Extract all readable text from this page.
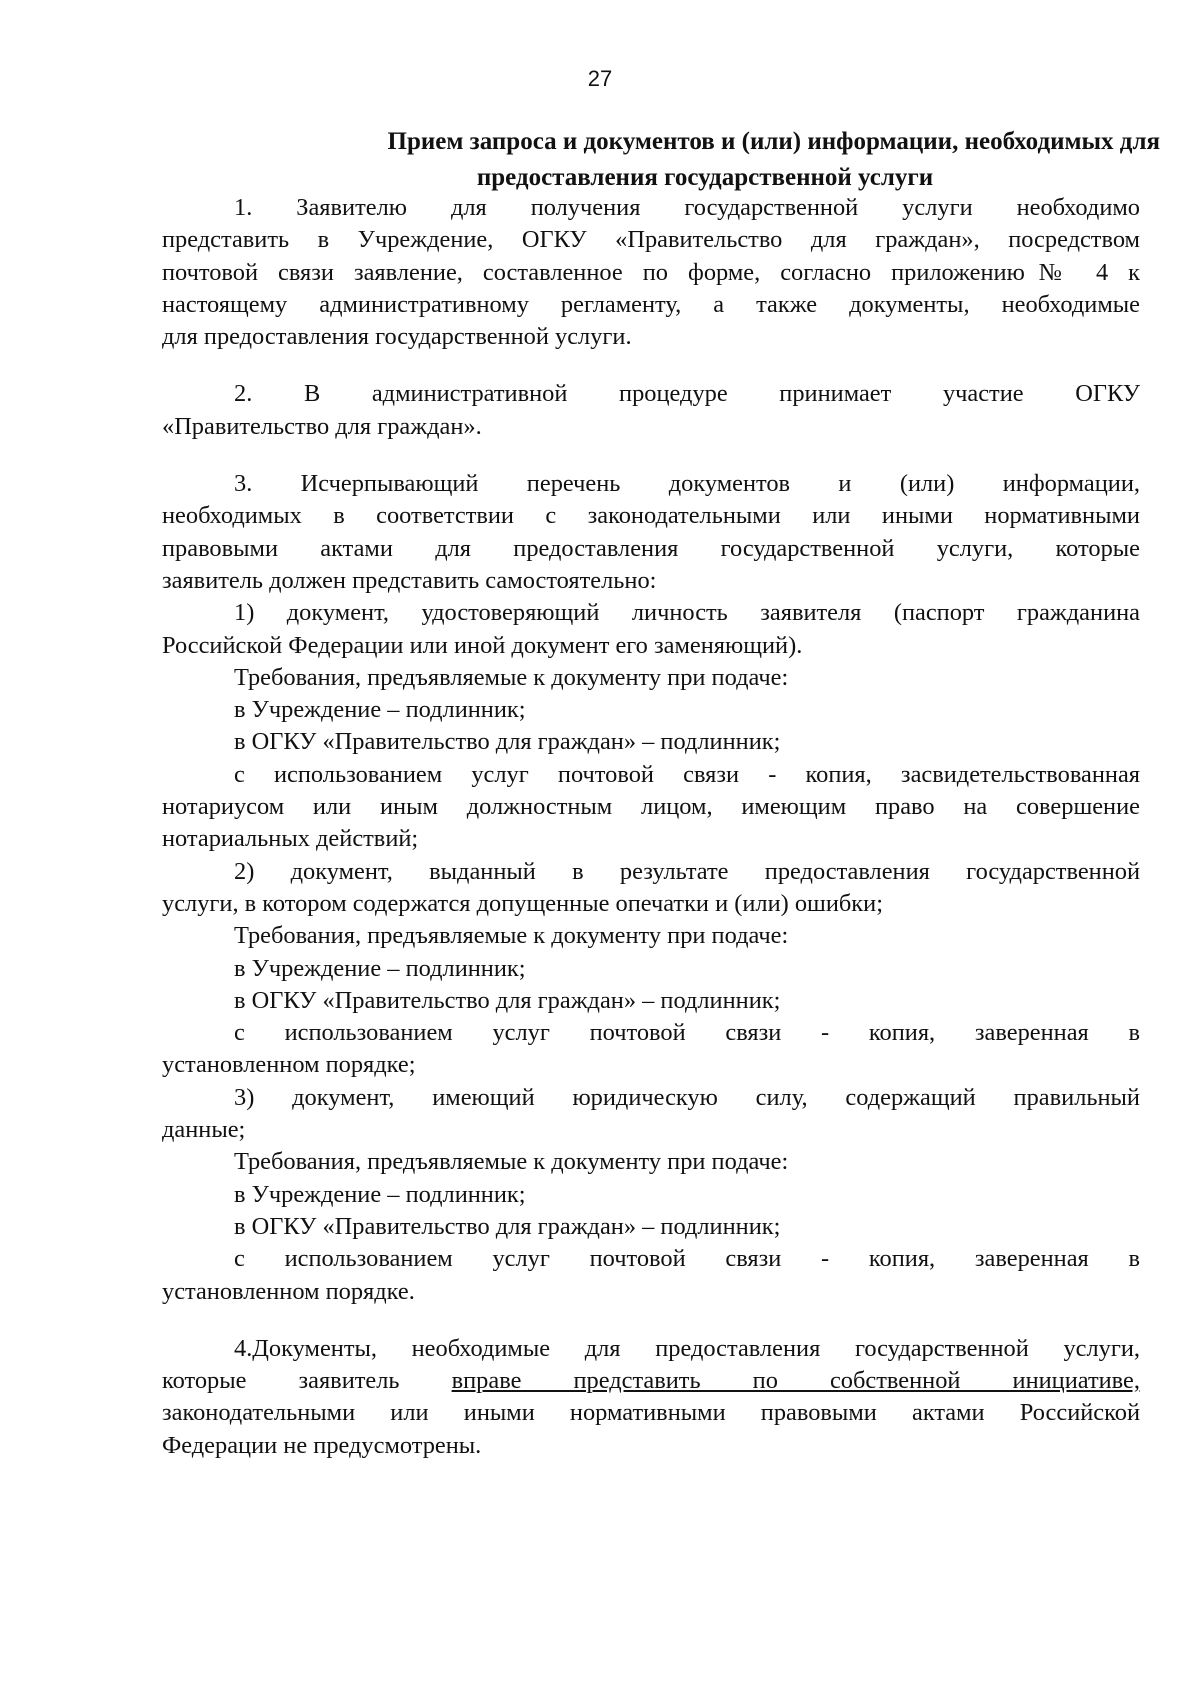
27
Прием запроса и документов и (или) информации, необходимых для
предоставления государственной услуги
1. Заявителю для получения государственной услуги необходимо
представить в Учреждение, ОГКУ «Правительство для граждан», посредством
почтовой связи заявление, составленное по форме, согласно приложению№ 4 к
настоящему административному регламенту, а также документы, необходимые
для предоставления государственной услуги.
2. В административной процедуре принимает участие ОГКУ
«Правительство для граждан».
3. Исчерпывающий перечень документов и (или) информации,
необходимых в соответствии с законодательными или иными нормативными
правовыми актами для предоставления государственной услуги, которые
заявитель должен представить самостоятельно:
1) документ, удостоверяющий личность заявителя (паспорт гражданина
Российской Федерации или иной документ его заменяющий).
Требования, предъявляемые к документу при подаче:
в Учреждение – подлинник;
в ОГКУ «Правительство для граждан» – подлинник;
с использованием услуг почтовой связи - копия, засвидетельствованная
нотариусом или иным должностным лицом, имеющим право на совершение
нотариальных действий;
2) документ, выданный в результате предоставления государственной
услуги, в котором содержатся допущенные опечатки и (или) ошибки;
Требования, предъявляемые к документу при подаче:
в Учреждение – подлинник;
в ОГКУ «Правительство для граждан» – подлинник;
с использованием услуг почтовой связи - копия, заверенная в
установленном порядке;
3) документ, имеющий юридическую силу, содержащий правильный
данные;
Требования, предъявляемые к документу при подаче:
в Учреждение – подлинник;
в ОГКУ «Правительство для граждан» – подлинник;
с использованием услуг почтовой связи - копия, заверенная в
установленном порядке.
4.Документы, необходимые для предоставления государственной услуги,
которые заявитель вправе представить по собственной инициативе,
законодательными или иными нормативными правовыми актами Российской
Федерации не предусмотрены.
